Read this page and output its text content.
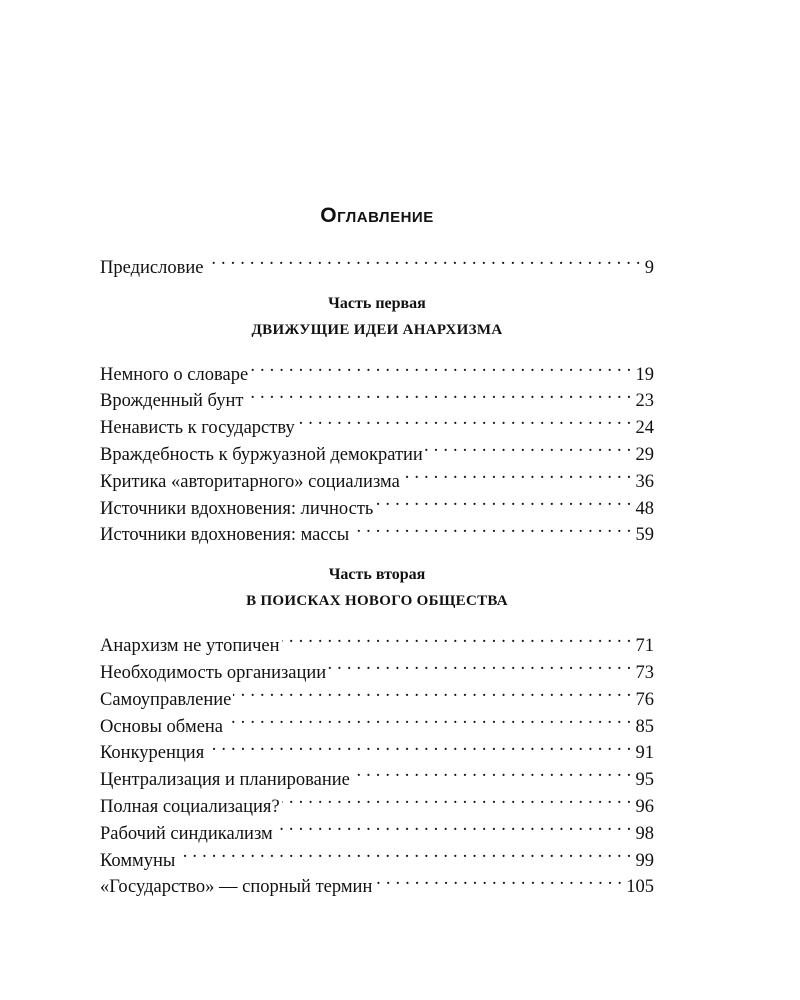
Оглавление
Предисловие . . .	9
Часть первая
ДВИЖУЩИЕ ИДЕИ АНАРХИЗМА
Немного о словаре . . .	19
Врожденный бунт . . .	23
Ненависть к государству . . .	24
Враждебность к буржуазной демократии . . .	29
Критика «авторитарного» социализма . . .	36
Источники вдохновения: личность . . .	48
Источники вдохновения: массы . . .	59
Часть вторая
В ПОИСКАХ НОВОГО ОБЩЕСТВА
Анархизм не утопичен . . .	71
Необходимость организации . . .	73
Самоуправление . . .	76
Основы обмена . . .	85
Конкуренция . . .	91
Централизация и планирование . . .	95
Полная социализация? . . .	96
Рабочий синдикализм . . .	98
Коммуны . . .	99
«Государство» — спорный термин . . .	105
